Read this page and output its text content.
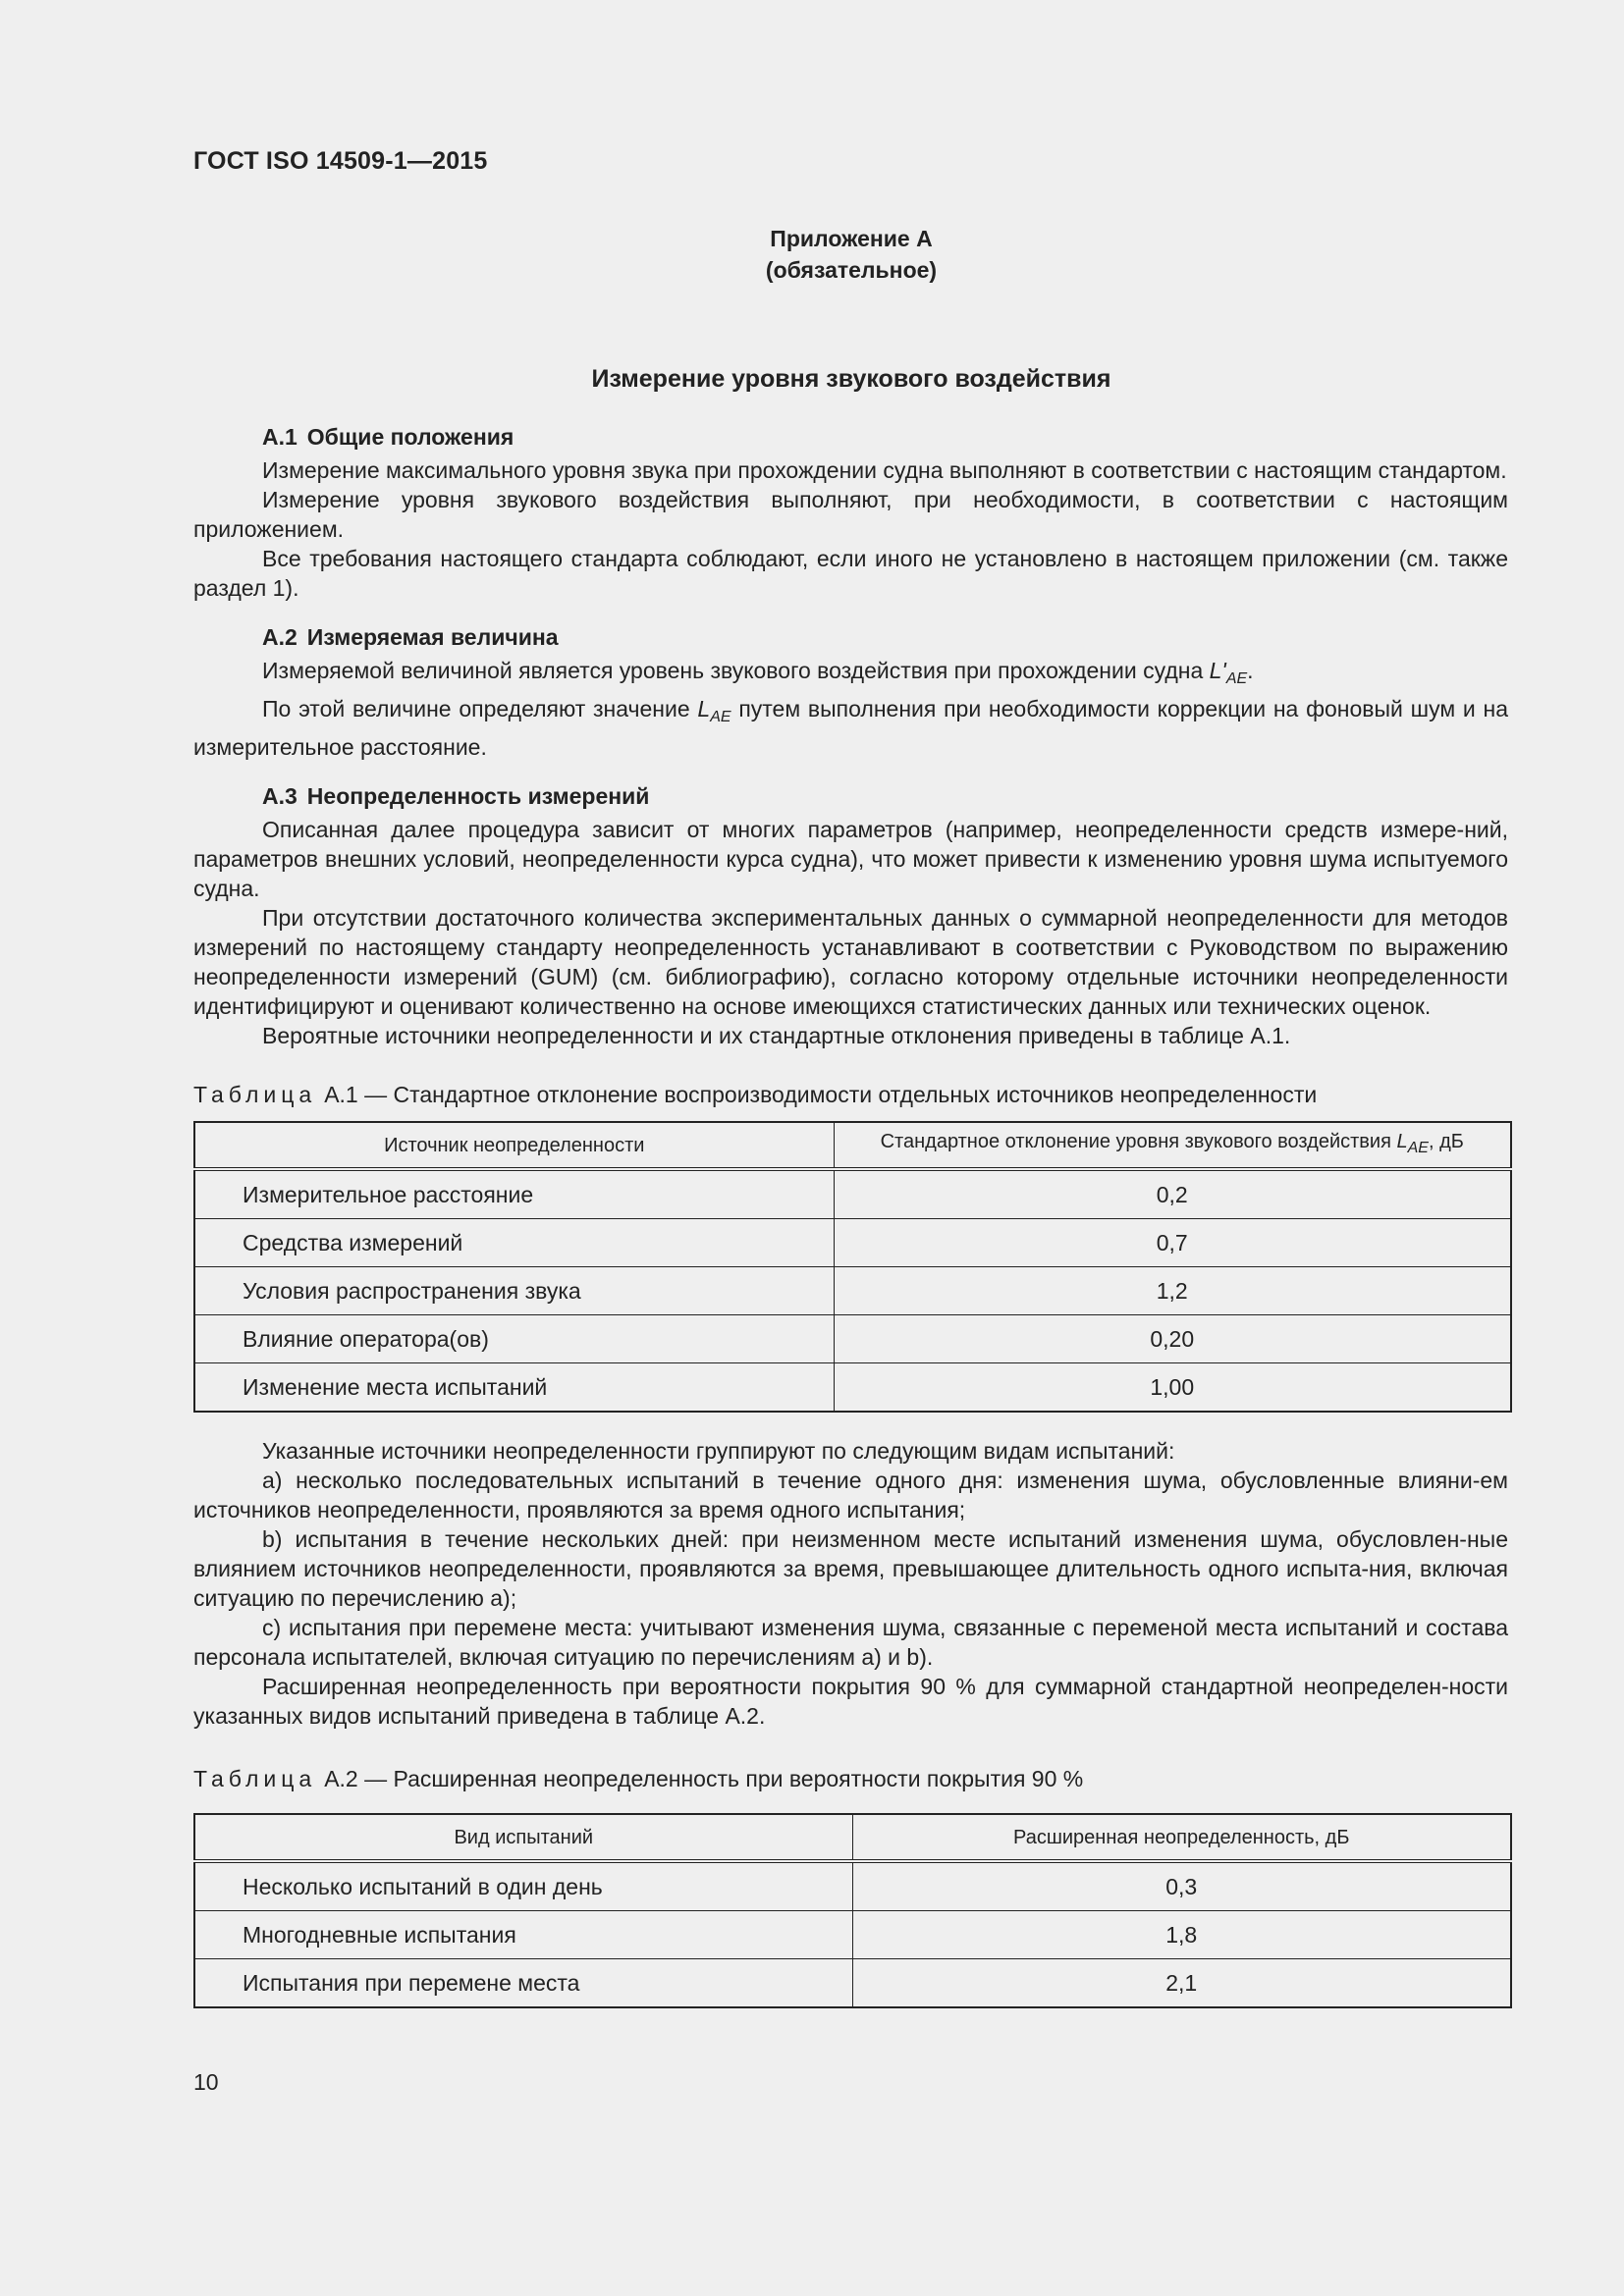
ГОСТ ISO 14509-1—2015
Приложение А
(обязательное)
Измерение уровня звукового воздействия
А.1 Общие положения

Измерение максимального уровня звука при прохождении судна выполняют в соответствии с настоящим стандартом.

Измерение уровня звукового воздействия выполняют, при необходимости, в соответствии с настоящим приложением.

Все требования настоящего стандарта соблюдают, если иного не установлено в настоящем приложении (см. также раздел 1).

А.2 Измеряемая величина

Измеряемой величиной является уровень звукового воздействия при прохождении судна $L'_{AE}$.

По этой величине определяют значение $L_{AE}$ путем выполнения при необходимости коррекции на фоновый шум и на измерительное расстояние.

А.3 Неопределенность измерений

Описанная далее процедура зависит от многих параметров (например, неопределенности средств измере-ний, параметров внешних условий, неопределенности курса судна), что может привести к изменению уровня шума испытуемого судна.

При отсутствии достаточного количества экспериментальных данных о суммарной неопределенности для методов измерений по настоящему стандарту неопределенность устанавливают в соответствии с Руководством по выражению неопределенности измерений (GUM) (см. библиографию), согласно которому отдельные источники неопределенности идентифицируют и оценивают количественно на основе имеющихся статистических данных или технических оценок.

Вероятные источники неопределенности и их стандартные отклонения приведены в таблице А.1.

Таблица А.1 — Стандартное отклонение воспроизводимости отдельных источников неопределенности
Источник неопределенности	Стандартное отклонение уровня звукового воздействия $L_{AE}$, дБ
Измерительное расстояние	0,2
Средства измерений	0,7
Условия распространения звука	1,2
Влияние оператора(ов)	0,20
Изменение места испытаний	1,00

Указанные источники неопределенности группируют по следующим видам испытаний:

a) несколько последовательных испытаний в течение одного дня: изменения шума, обусловленные влияни-ем источников неопределенности, проявляются за время одного испытания;

b) испытания в течение нескольких дней: при неизменном месте испытаний изменения шума, обусловлен-ные влиянием источников неопределенности, проявляются за время, превышающее длительность одного испыта-ния, включая ситуацию по перечислению а);

c) испытания при перемене места: учитывают изменения шума, связанные с переменой места испытаний и состава персонала испытателей, включая ситуацию по перечислениям а) и b).

Расширенная неопределенность при вероятности покрытия 90 % для суммарной стандартной неопределен-ности указанных видов испытаний приведена в таблице А.2.

Таблица А.2 — Расширенная неопределенность при вероятности покрытия 90 %
Вид испытаний	Расширенная неопределенность, дБ
Несколько испытаний в один день	0,3
Многодневные испытания	1,8
Испытания при перемене места	2,1
10
